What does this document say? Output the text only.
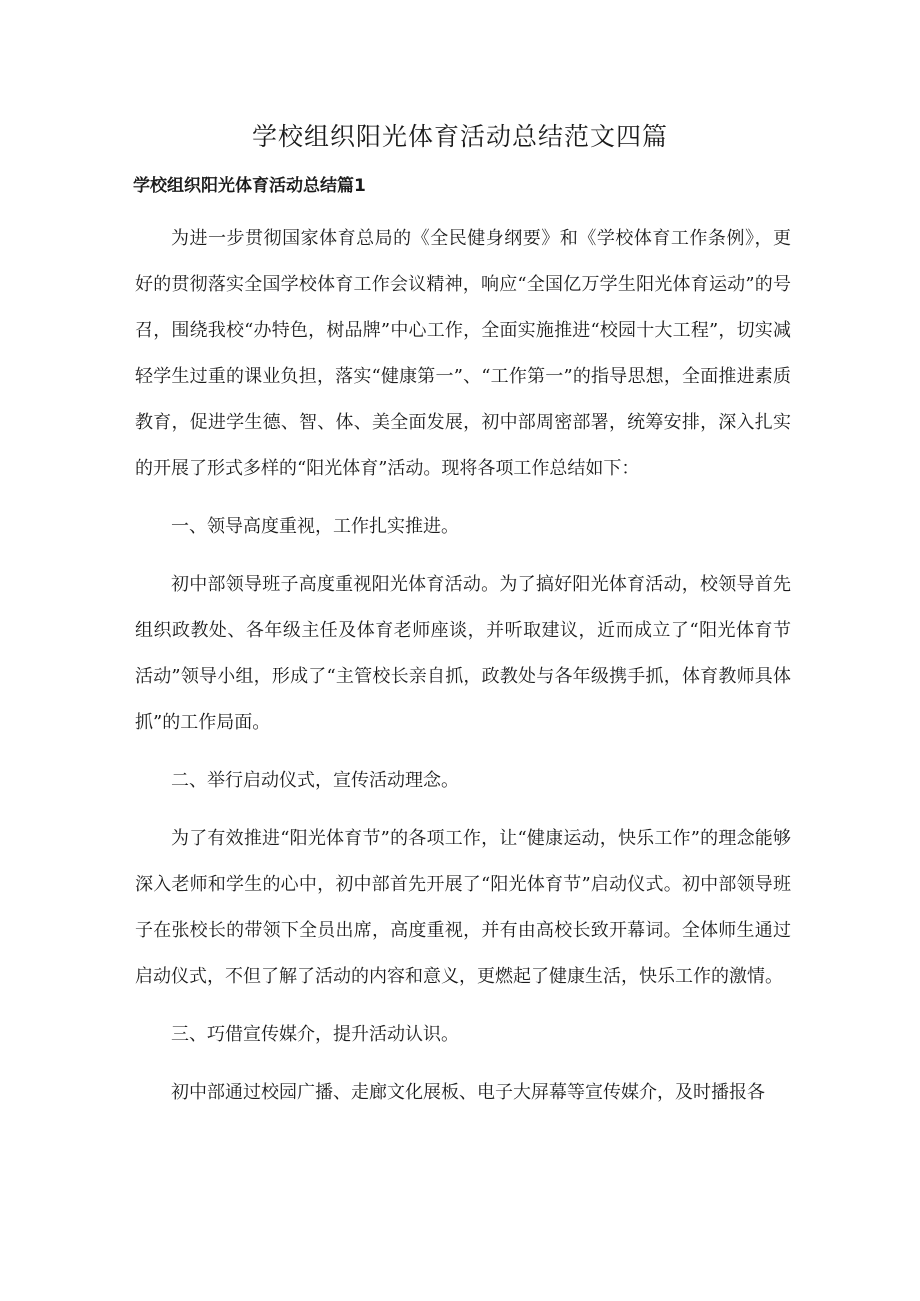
学校组织阳光体育活动总结范文四篇
学校组织阳光体育活动总结篇1

为进一步贯彻国家体育总局的《全民健身纲要》和《学校体育工作条例》，更好的贯彻落实全国学校体育工作会议精神，响应“全国亿万学生阳光体育运动”的号召，围绕我校“办特色，树品牌”中心工作，全面实施推进“校园十大工程”，切实减轻学生过重的课业负担，落实“健康第一”、“工作第一”的指导思想，全面推进素质教育，促进学生德、智、体、美全面发展，初中部周密部署，统筹安排，深入扎实的开展了形式多样的“阳光体育”活动。现将各项工作总结如下：

一、领导高度重视，工作扎实推进。

初中部领导班子高度重视阳光体育活动。为了搞好阳光体育活动，校领导首先组织政教处、各年级主任及体育老师座谈，并听取建议，近而成立了“阳光体育节活动”领导小组，形成了“主管校长亲自抓，政教处与各年级携手抓，体育教师具体抓”的工作局面。

二、举行启动仪式，宣传活动理念。

为了有效推进“阳光体育节”的各项工作，让“健康运动，快乐工作”的理念能够深入老师和学生的心中，初中部首先开展了“阳光体育节”启动仪式。初中部领导班子在张校长的带领下全员出席，高度重视，并有由高校长致开幕词。全体师生通过启动仪式，不但了解了活动的内容和意义，更燃起了健康生活，快乐工作的激情。

三、巧借宣传媒介，提升活动认识。

初中部通过校园广播、走廊文化展板、电子大屏幕等宣传媒介，及时播报各
